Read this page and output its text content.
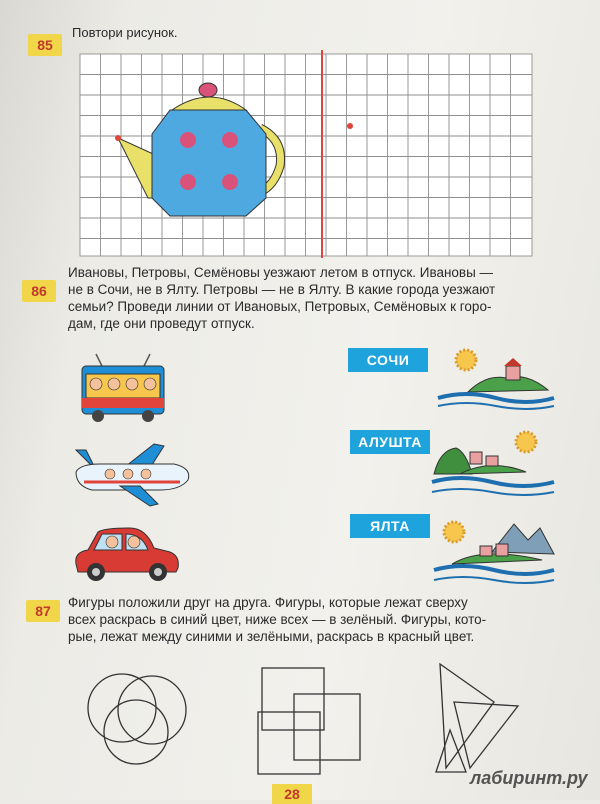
85
Повтори рисунок.
86
Ивановы, Петровы, Семёновы уезжают летом в отпуск. Ивановы —
не в Сочи, не в Ялту. Петровы — не в Ялту. В какие города уезжают
семьи? Проведи линии от Ивановых, Петровых, Семёновых к горо-
дам, где они проведут отпуск.
СОЧИ
АЛУШТА
ЯЛТА
87
Фигуры положили друг на друга. Фигуры, которые лежат сверху
всех раскрась в синий цвет, ниже всех — в зелёный. Фигуры, кото-
рые, лежат между синими и зелёными, раскрась в красный цвет.
лабиринт.ру
28
